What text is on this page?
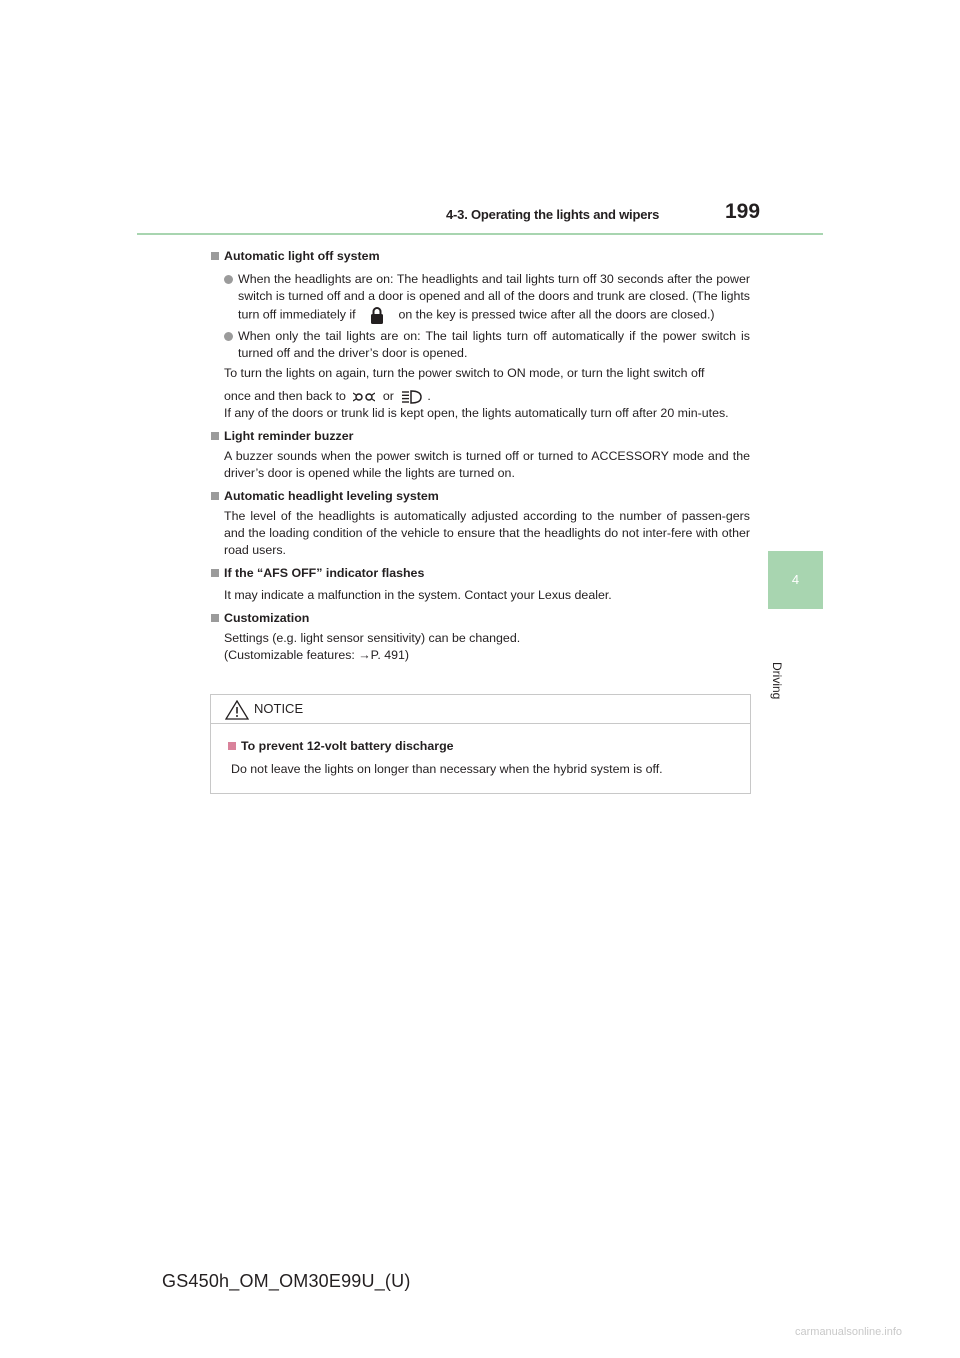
4-3. Operating the lights and wipers	199
4
Driving
Automatic light off system
When the headlights are on: The headlights and tail lights turn off 30 seconds after the power switch is turned off and a door is opened and all of the doors and trunk are closed. (The lights turn off immediately if	on the key is pressed twice after all the doors are closed.)
When only the tail lights are on: The tail lights turn off automatically if the power switch is turned off and the driver’s door is opened.
To turn the lights on again, turn the power switch to ON mode, or turn the light switch off
once and then back to	or	.
If any of the doors or trunk lid is kept open, the lights automatically turn off after 20 min-utes.
Light reminder buzzer
A buzzer sounds when the power switch is turned off or turned to ACCESSORY mode and the driver’s door is opened while the lights are turned on.
Automatic headlight leveling system
The level of the headlights is automatically adjusted according to the number of passen-gers and the loading condition of the vehicle to ensure that the headlights do not inter-fere with other road users.
If the “AFS OFF” indicator flashes
It may indicate a malfunction in the system. Contact your Lexus dealer.
Customization
Settings (e.g. light sensor sensitivity) can be changed.
(Customizable features: →P. 491)
NOTICE
To prevent 12-volt battery discharge
Do not leave the lights on longer than necessary when the hybrid system is off.
GS450h_OM_OM30E99U_(U)
carmanualsonline.info
